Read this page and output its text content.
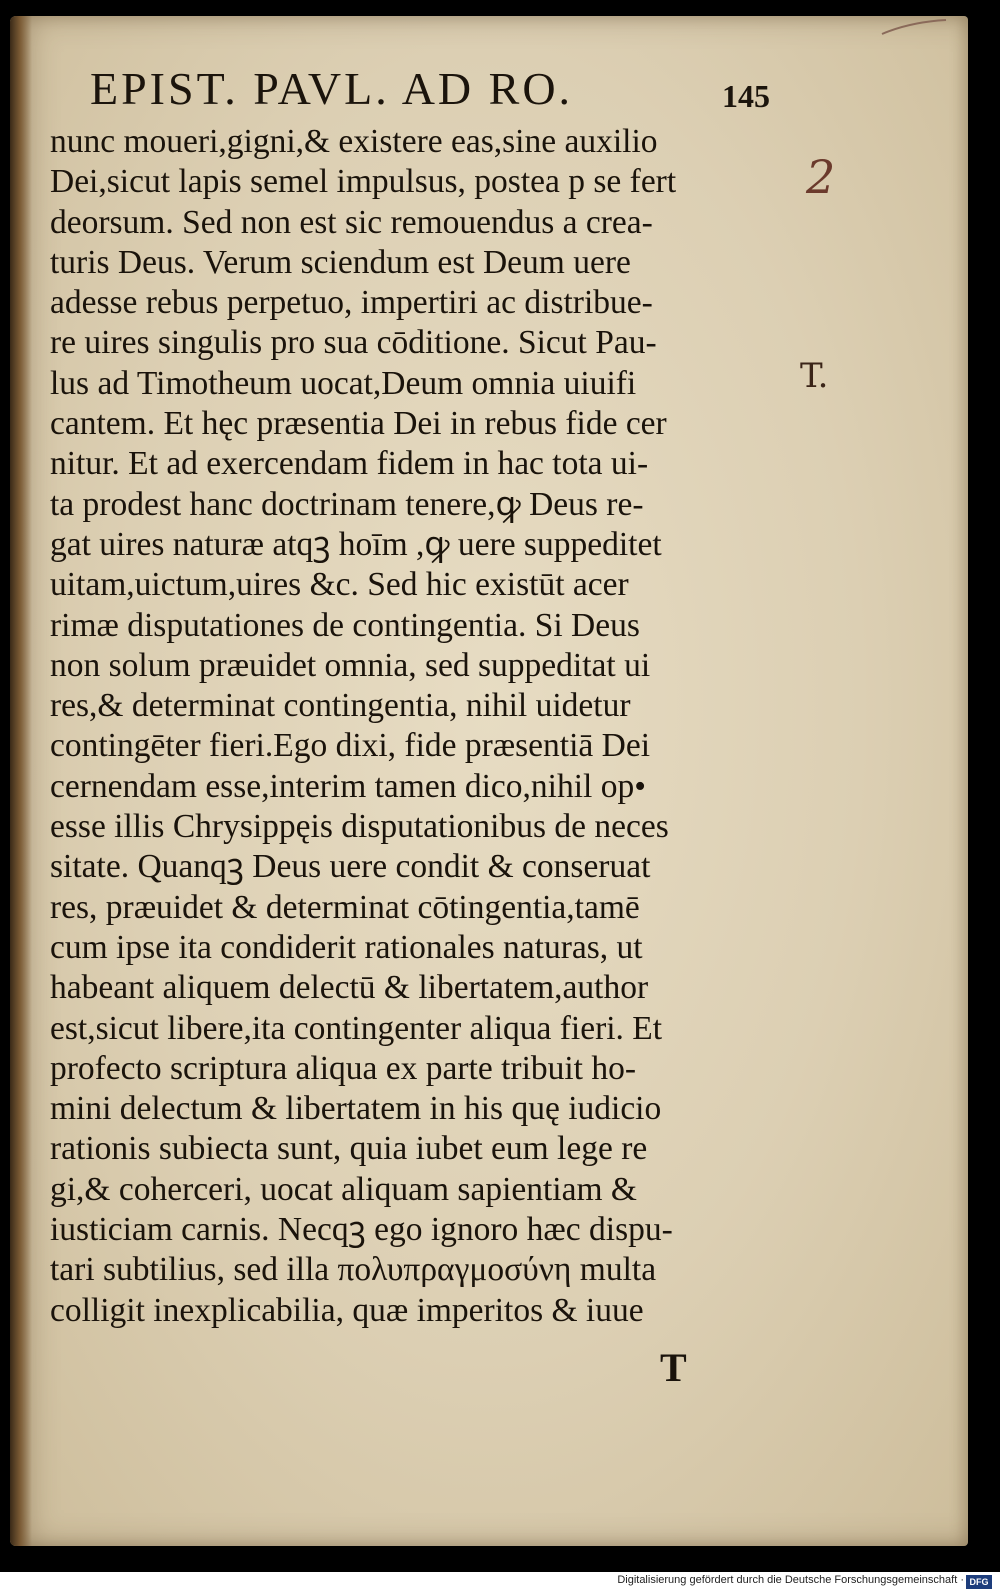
EPIST. PAVL. AD RO.	145
nunc moueri,gigni,& existere eas,sine auxilio
Dei,sicut lapis semel impulsus, postea p se fert
deorsum. Sed non est sic remouendus a crea-
turis Deus. Verum sciendum est Deum uere
adesse rebus perpetuo, impertiri ac distribue-
re uires singulis pro sua cōditione. Sicut Pau-
lus ad Timotheum uocat,Deum omnia uiuifi
cantem. Et hęc præsentia Dei in rebus fide cer
nitur. Et ad exercendam fidem in hac tota ui-
ta prodest hanc doctrinam tenere,ꝙ Deus re-
gat uires naturæ atqꝫ hoīm ,ꝙ uere suppeditet
uitam,uictum,uires &c. Sed hic existūt acer
rimæ disputationes de contingentia. Si Deus
non solum præuidet omnia, sed suppeditat ui
res,& determinat contingentia, nihil uidetur
contingēter fieri.Ego dixi, fide præsentiā Dei
cernendam esse,interim tamen dico,nihil op•
esse illis Chrysippęis disputationibus de neces
sitate. Quanqꝫ Deus uere condit & conseruat
res, præuidet & determinat cōtingentia,tamē
cum ipse ita condiderit rationales naturas, ut
habeant aliquem delectū & libertatem,author
est,sicut libere,ita contingenter aliqua fieri. Et
profecto scriptura aliqua ex parte tribuit ho-
mini delectum & libertatem in his quę iudicio
rationis subiecta sunt, quia iubet eum lege re
gi,& coherceri, uocat aliquam sapientiam &
iusticiam carnis. Necqꝫ ego ignoro hæc dispu-
tari subtilius, sed illa πολυπραγμοσύνη multa
colligit inexplicabilia, quæ imperitos & iuue
2
T.
T
Digitalisierung gefördert durch die Deutsche Forschungsgemeinschaft · DFG
